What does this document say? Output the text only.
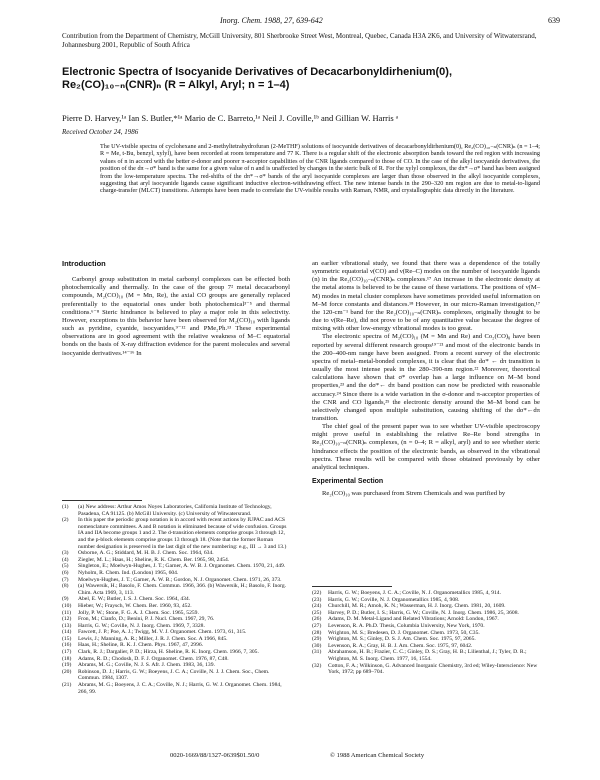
Inorg. Chem. 1988, 27, 639-642	639
Contribution from the Department of Chemistry, McGill University, 801 Sherbrooke Street West, Montreal, Quebec, Canada H3A 2K6, and University of Witwatersrand, Johannesburg 2001, Republic of South Africa
Electronic Spectra of Isocyanide Derivatives of Decacarbonyldirhenium(0),
Re₂(CO)₁₀₋ₙ(CNR)ₙ (R = Alkyl, Aryl; n = 1–4)
Pierre D. Harvey,¹ᵃ Ian S. Butler,*¹ᵃ Mario de C. Barreto,¹ᵃ Neil J. Coville,¹ᵇ and Gillian W. Harris ᵃ
Received October 24, 1986
The UV-visible spectra of cyclohexane and 2-methyltetrahydrofuran (2-MeTHF) solutions of isocyanide derivatives of decacarbonyldirhenium(0), Re₂(CO)₁₀₋ₙ(CNR)ₙ (n = 1–4; R = Me, t-Bu, benzyl, xylyl), have been recorded at room temperature and 77 K. There is a regular shift of the electronic absorption bands toward the red region with increasing values of n in accord with the better σ-donor and poorer π-acceptor capabilities of the CNR ligands compared to those of CO. In the case of the alkyl isocyanide derivatives, the position of the dπ→σ* band is the same for a given value of n and is unaffected by changes in the steric bulk of R. For the xylyl complexes, the dπ*→σ* band has been assigned from the low-temperature spectra. The red-shifts of the dπ*→σ* bands of the aryl isocyanide complexes are larger than those observed in the alkyl isocyanide complexes, suggesting that aryl isocyanide ligands cause significant inductive electron-withdrawing effect. The new intense bands in the 290–320 nm region are due to metal-to-ligand charge-transfer (MLCT) transitions. Attempts have been made to correlate the UV-visible results with Raman, NMR, and crystallographic data directly in the literature.
Introduction

Carbonyl group substitution in metal carbonyl complexes can be effected both photochemically and thermally. In the case of the group 7² metal decacarbonyl compounds, M₂(CO)₁₀ (M = Mn, Re), the axial CO groups are generally replaced preferentially to the equatorial ones under both photochemical³⁻⁵ and thermal conditions.⁶⁻⁸ Steric hindrance is believed to play a major role in this selectivity. However, exceptions to this behavior have been observed for M₂(CO)₁₀ with ligands such as pyridine, cyanide, isocyanides,⁹⁻¹² and PMe₂Ph.¹³ These experimental observations are in good agreement with the relative weakness of M–C equatorial bonds on the basis of X-ray diffraction evidence for the parent molecules and several isocyanide derivatives.¹⁴⁻¹⁶ In

an earlier vibrational study, we found that there was a dependence of the totally symmetric equatorial ν(CO) and ν(Re–C) modes on the number of isocyanide ligands (n) in the Re₂(CO)₁₀₋ₙ(CNR)ₙ complexes.¹⁷ An increase in the electronic density at the metal atoms is believed to be the cause of these variations. The positions of ν(M–M) modes in metal cluster complexes have sometimes provided useful information on M–M force constants and distances.¹⁸ However, in our micro-Raman investigation,¹⁷ the 120-cm⁻¹ band for the Re₂(CO)₁₀₋ₙ(CNR)ₙ complexes, originally thought to be due to ν(Re–Re), did not prove to be of any quantitative value because the degree of mixing with other low-energy vibrational modes is too great.

The electronic spectra of M₂(CO)₁₀ (M = Mn and Re) and Co₂(CO)₈ have been reported by several different research groups¹⁹⁻²¹ and most of the electronic bands in the 200–400-nm range have been assigned. From a recent survey of the electronic spectra of metal–metal-bonded complexes, it is clear that the dσ* ← dπ transition is usually the most intense peak in the 280–390-nm region.²² Moreover, theoretical calculations have shown that σ* overlap has a large influence on M–M bond properties,²³ and the dσ*← dπ band position can now be predicted with reasonable accuracy.²⁴ Since there is a wide variation in the σ-donor and π-acceptor properties of the CNR and CO ligands,²⁵ the electronic density around the M–M bond can be selectively changed upon multiple substitution, causing shifting of the dσ*←dπ transition.

The chief goal of the present paper was to see whether UV-visible spectroscopy might prove useful in establishing the relative Re–Re bond strengths in Re₂(CO)₁₀₋ₙ(CNR)ₙ complexes, (n = 0–4; R = alkyl, aryl) and to see whether steric hindrance effects the position of the electronic bands, as observed in the vibrational spectra. These results will be compared with those obtained previously by other analytical techniques.

Experimental Section

Re₂(CO)₁₀ was purchased from Strem Chemicals and was purified by

(1) (a) New address: Arthur Amos Noyes Laboratories, California Institute of Technology, Pasadena, CA 91125. (b) McGill University. (c) University of Witwatersrand.

(2) In this paper the periodic group notation is in accord with recent actions by IUPAC and ACS nomenclature committees. A and B notation is eliminated because of wide confusion. Groups IA and IIA become groups 1 and 2. The d-transition elements comprise groups 3 through 12, and the p-block elements comprise groups 13 through 18. (Note that the former Roman number designation is preserved in the last digit of the new numbering: e.g., III → 3 and 13.)

(3) Osborne, A. G.; Stiddard, M. H. B. J. Chem. Soc. 1964, 634.

(4) Ziegler, M. L.; Haas, H.; Sheline, R. K. Chem. Ber. 1965, 98, 2454.

(5) Singleton, E.; Moelwyn-Hughes, J. T.; Garner, A. W. B. J. Organomet. Chem. 1970, 21, 449.

(6) Nyholm, R. Chem. Ind. (London) 1965, 604.

(7) Moelwyn-Hughes, J. T.; Garner, A. W. B.; Gordon, N. J. Organomet. Chem. 1971, 26, 373.

(8) (a) Wawersik, H.; Basolo, F. Chem. Commun. 1966, 366. (b) Wawersik, H.; Basolo, F. Inorg. Chim. Acta 1969, 3, 113.

(9) Abel, E. W.; Butler, I. S. J. Chem. Soc. 1964, 434.

(10) Hieber, W.; Fraysch, W. Chem. Ber. 1960, 93, 452.

(11) Jolly, P. W.; Stone, F. G. A. J. Chem. Soc. 1965, 5259.

(12) Fron, M.; Cianfo, D.; Benini, P. J. Nucl. Chem. 1967, 29, 76.

(13) Harris, G. W.; Coville, N. J. Inorg. Chem. 1969, 7, 3328.

(14) Fawcett, J. P.; Poe, A. J.; Twigg, M. V. J. Organomet. Chem. 1973, 61, 315.

(15) Lewis, J.; Manning, A. R.; Miller, J. R. J. Chem. Soc. A 1966, 845.

(16) Haas, H.; Sheline, R. K. J. Chem. Phys. 1967, 47, 2996.

(17) Clark, R. J.; Dargalier, P. D.; Hirza, H. Sheline, R. K. Inorg. Chem. 1966, 7, 305.

(18) Adams, R. D.; Chodosh, D. F. J. Organomet. Chem. 1976, 87, C48.

(19) Abrams, M. G.; Coville, N. J. S. Afr. J. Chem. 1983, 36, 139.

(20) Robinson, D. J.; Harris, G. W.; Boeyens, J. C. A.; Coville, N. J. J. Chem. Soc., Chem. Commun. 1984, 1307.

(21) Abrams, M. G.; Boeyens, J. C. A.; Coville, N. J.; Harris, G. W. J. Organomet. Chem. 1984, 266, 99.

(22) Harris, G. W.; Boeyens, J. C. A.; Coville, N. J. Organometallics 1985, 4, 914.

(23) Harris, G. W.; Coville, N. J. Organometallics 1985, 4, 908.

(24) Churchill, M. R.; Amoh, K. N.; Wasserman, H. J. Inorg. Chem. 1981, 20, 1609.

(25) Harvey, P. D.; Butler, I. S.; Harris, G. W.; Coville, N. J. Inorg. Chem. 1986, 25, 3608.

(26) Adams, D. M. Metal-Ligand and Related Vibrations; Arnold: London, 1967.

(27) Levenson, R. A. Ph.D. Thesis, Columbia University, New York, 1970.

(28) Wrighton, M. S.; Bredesen, D. J. Organomet. Chem. 1973, 50, C35.

(29) Wrighton, M. S.; Ginley, D. S. J. Am. Chem. Soc. 1975, 97, 2065.

(30) Levenson, R. A.; Gray, H. B. J. Am. Chem. Soc. 1975, 97, 6042.

(31) Abrahamson, H. B.; Frazier, C. C.; Ginley, D. S.; Gray, H. B.; Lilienthal, J.; Tyler, D. R.; Wrighton, M. S. Inorg. Chem. 1977, 16, 1554.

(32) Cotton, F. A.; Wilkinson, G. Advanced Inorganic Chemistry, 3rd ed; Wiley-Interscience: New York, 1972; pp 689–704.

0020-1669/88/1327-0639$01.50/0	© 1988 American Chemical Society
